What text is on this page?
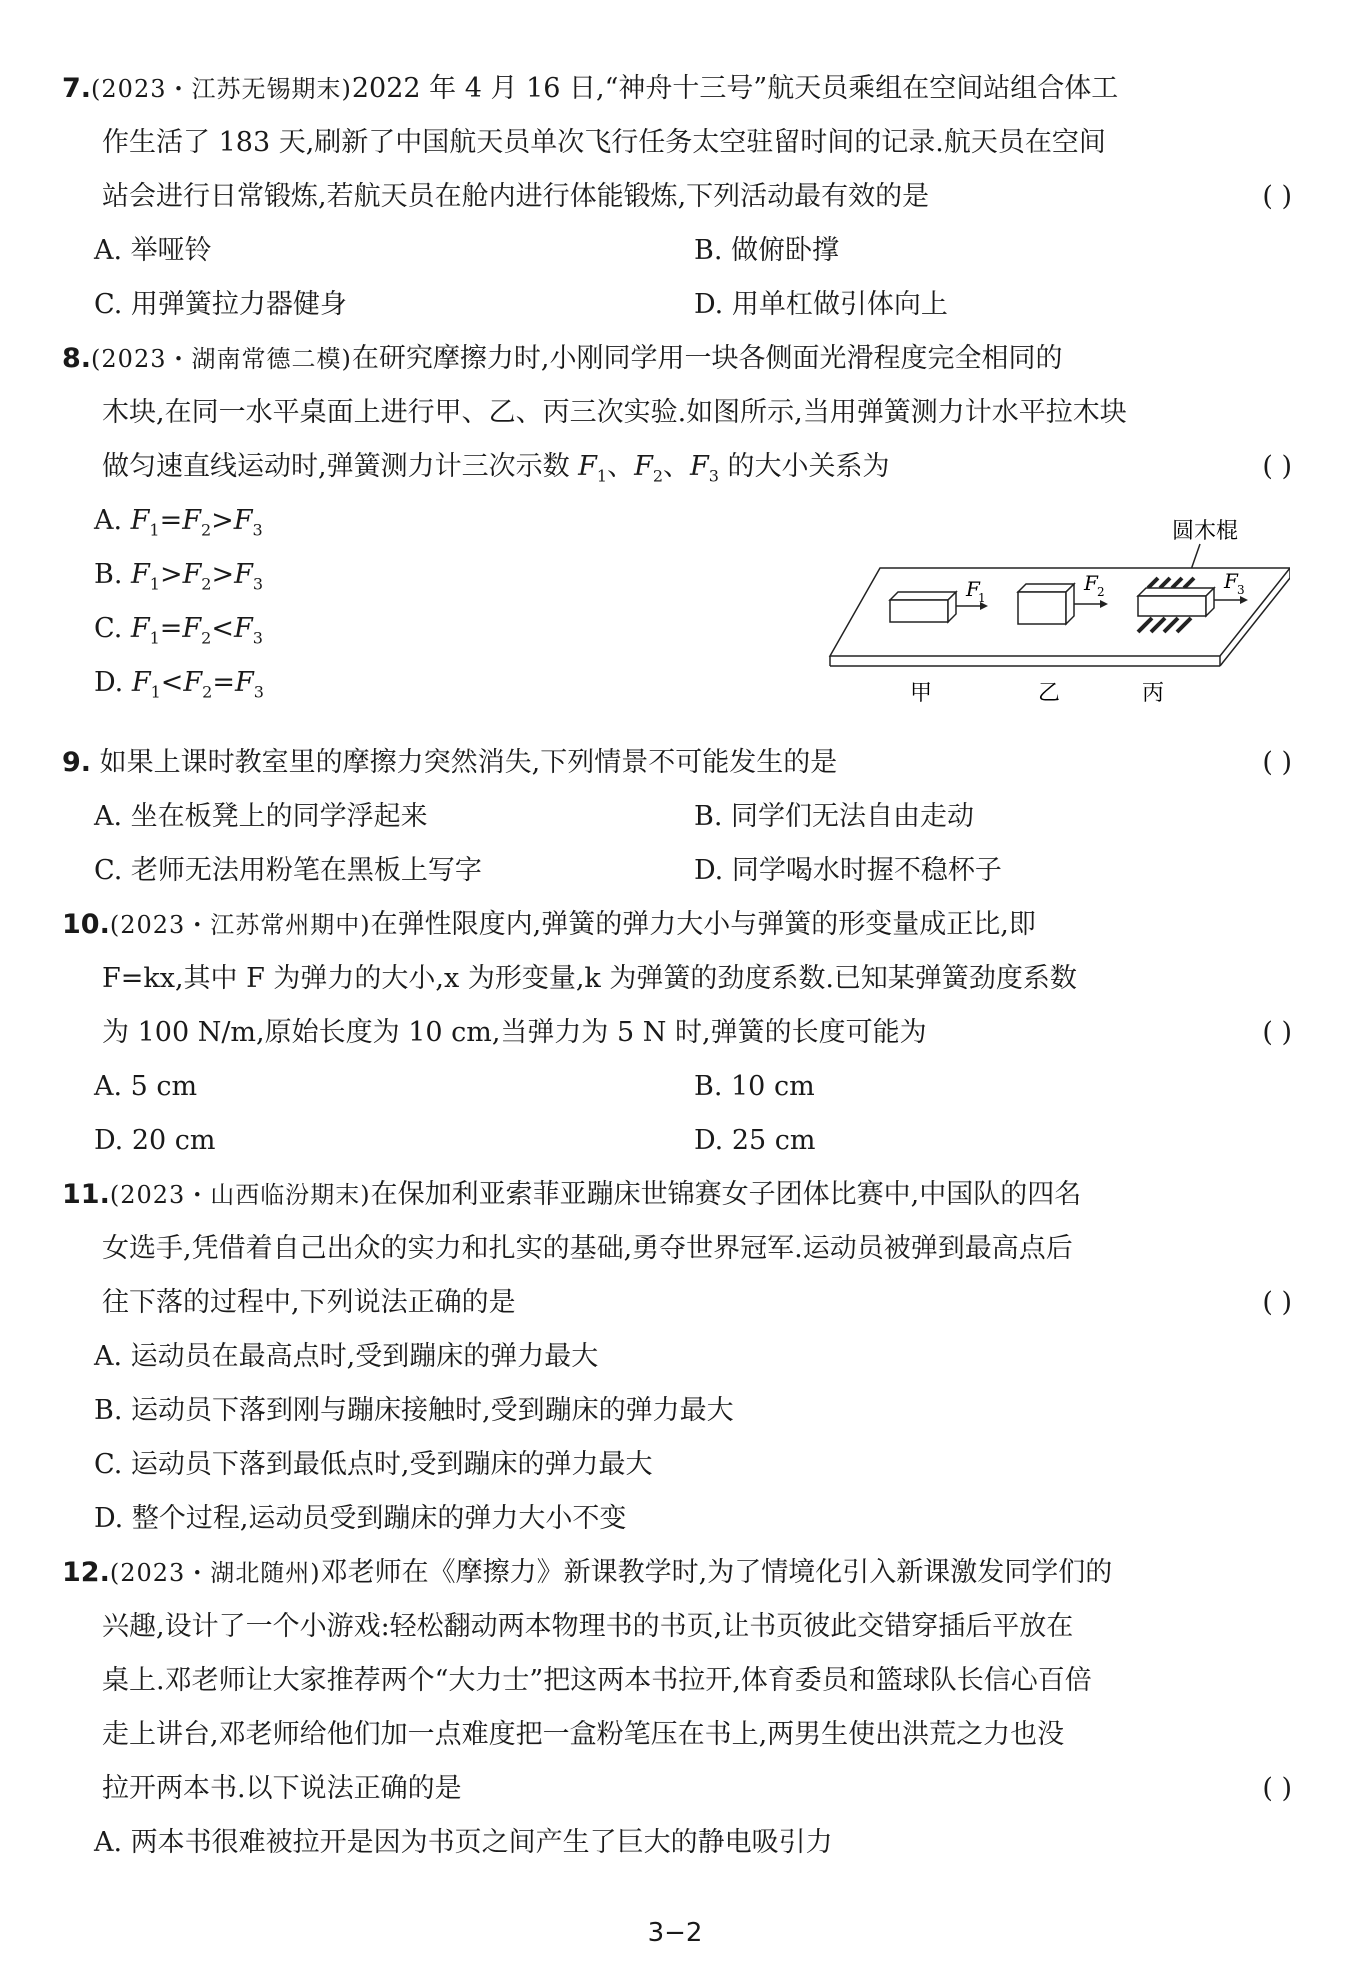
7.(2023・江苏无锡期末)2022 年 4 月 16 日,“神舟十三号”航天员乘组在空间站组合体工
作生活了 183 天,刷新了中国航天员单次飞行任务太空驻留时间的记录.航天员在空间
站会进行日常锻炼,若航天员在舱内进行体能锻炼,下列活动最有效的是	( )
A. 举哑铃	B. 做俯卧撑
C. 用弹簧拉力器健身	D. 用单杠做引体向上
8.(2023・湖南常德二模)在研究摩擦力时,小刚同学用一块各侧面光滑程度完全相同的
木块,在同一水平桌面上进行甲、乙、丙三次实验.如图所示,当用弹簧测力计水平拉木块
做匀速直线运动时,弹簧测力计三次示数 $F_1$、$F_2$、$F_3$ 的大小关系为	( )
A. $F_1=F_2>F_3$
B. $F_1>F_2>F_3$
C. $F_1=F_2<F_3$
D. $F_1<F_2=F_3$
圆木棍
F
1
F 2	F 3
甲	乙	丙
9. 如果上课时教室里的摩擦力突然消失,下列情景不可能发生的是	( )
A. 坐在板凳上的同学浮起来	B. 同学们无法自由走动
C. 老师无法用粉笔在黑板上写字	D. 同学喝水时握不稳杯子
10.(2023・江苏常州期中)在弹性限度内,弹簧的弹力大小与弹簧的形变量成正比,即
F=kx,其中 F 为弹力的大小,x 为形变量,k 为弹簧的劲度系数.已知某弹簧劲度系数
为 100 N/m,原始长度为 10 cm,当弹力为 5 N 时,弹簧的长度可能为	( )
A. 5 cm	B. 10 cm
D. 20 cm	D. 25 cm
11.(2023・山西临汾期末)在保加利亚索菲亚蹦床世锦赛女子团体比赛中,中国队的四名
女选手,凭借着自己出众的实力和扎实的基础,勇夺世界冠军.运动员被弹到最高点后
往下落的过程中,下列说法正确的是	( )
A. 运动员在最高点时,受到蹦床的弹力最大
B. 运动员下落到刚与蹦床接触时,受到蹦床的弹力最大
C. 运动员下落到最低点时,受到蹦床的弹力最大
D. 整个过程,运动员受到蹦床的弹力大小不变
12.(2023・湖北随州)邓老师在《摩擦力》新课教学时,为了情境化引入新课激发同学们的
兴趣,设计了一个小游戏:轻松翻动两本物理书的书页,让书页彼此交错穿插后平放在
桌上.邓老师让大家推荐两个“大力士”把这两本书拉开,体育委员和篮球队长信心百倍
走上讲台,邓老师给他们加一点难度把一盒粉笔压在书上,两男生使出洪荒之力也没
拉开两本书.以下说法正确的是	( )
A. 两本书很难被拉开是因为书页之间产生了巨大的静电吸引力
3−2
